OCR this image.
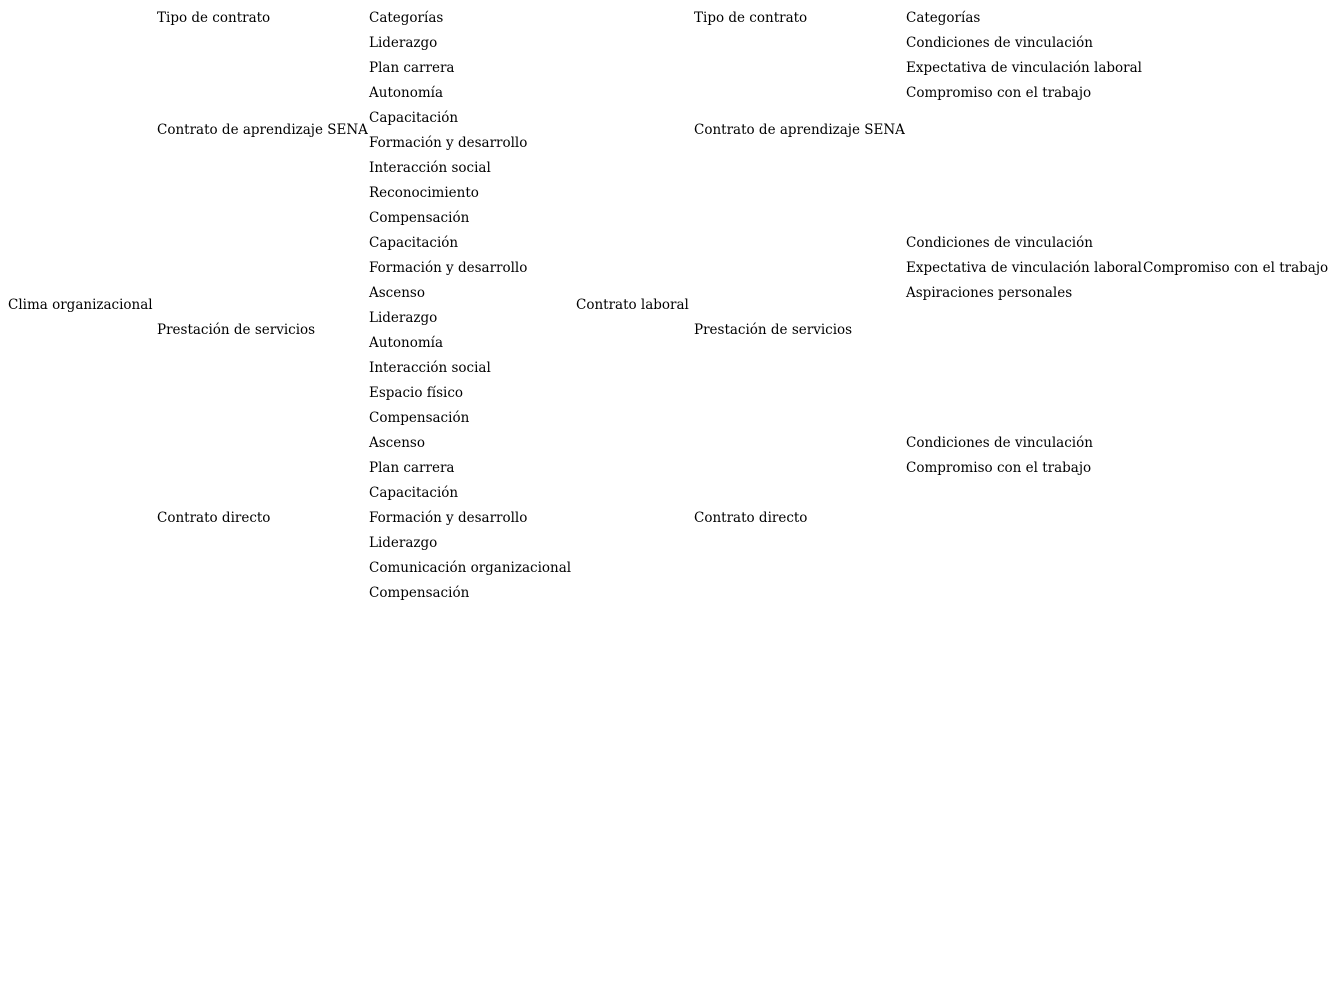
Clima organizacional
Tipo de contrato	Categorías
Contrato de aprendizaje SENA
Liderazgo
Plan carrera
Autonomía
Capacitación
Formación y desarrollo
Interacción social
Reconocimiento
Compensación
Prestación de servicios
Capacitación
Formación y desarrollo
Ascenso
Liderazgo
Autonomía
Interacción social
Espacio físico
Compensación
Contrato directo
Ascenso
Plan carrera
Capacitación
Formación y desarrollo
Liderazgo
Comunicación organizacional
Compensación
Contrato laboral
Tipo de contrato	Categorías
Contrato de aprendizaje SENA
Condiciones de vinculación
Expectativa de vinculación laboral
Compromiso con el trabajo
Prestación de servicios
Condiciones de vinculación
Expectativa de vinculación laboral
Aspiraciones personales
Compromiso con el trabajo
Contrato directo
Condiciones de vinculación
Compromiso con el trabajo
